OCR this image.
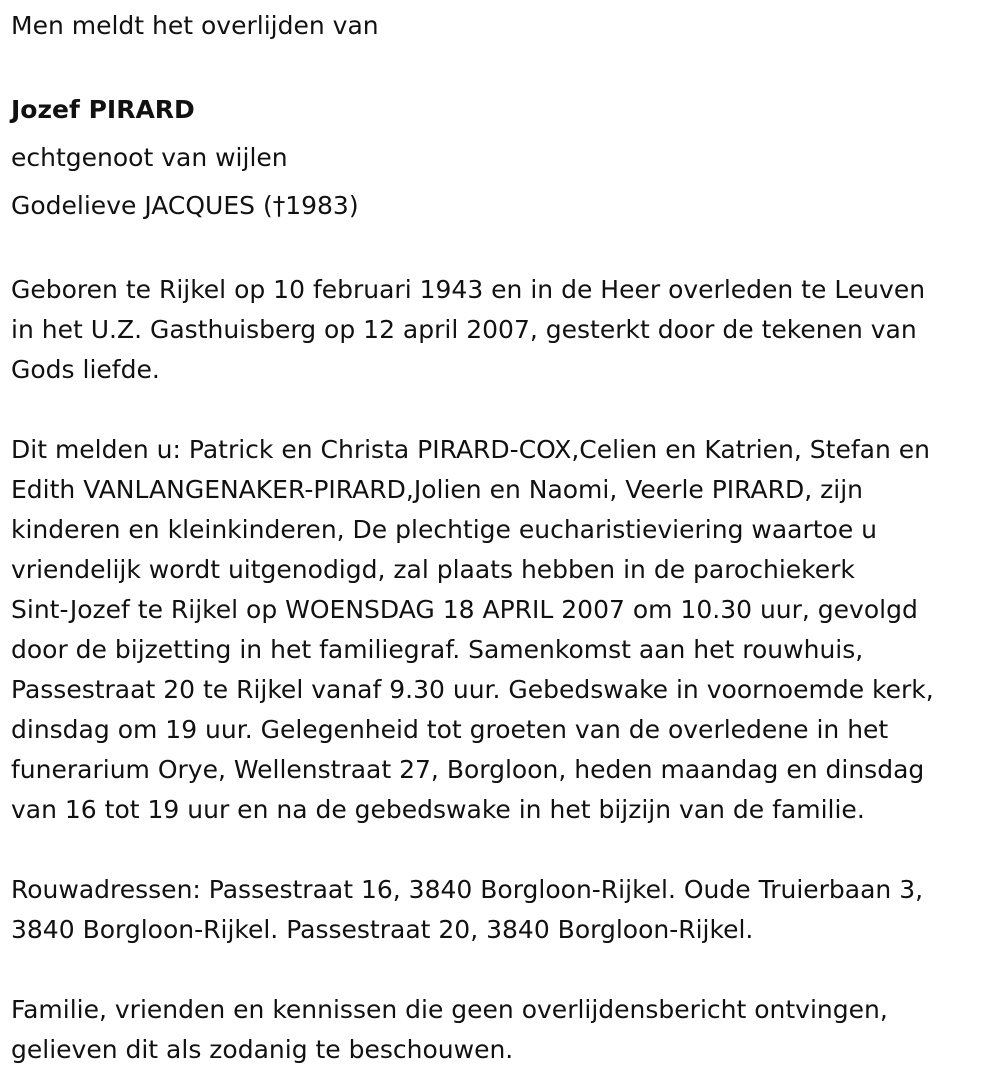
Men meldt het overlijden van

Jozef PIRARD

echtgenoot van wijlen

Godelieve JACQUES (†1983)

Geboren te Rijkel op 10 februari 1943 en in de Heer overleden te Leuven

in het U.Z. Gasthuisberg op 12 april 2007, gesterkt door de tekenen van

Gods liefde.

Dit melden u: Patrick en Christa PIRARD-COX,Celien en Katrien, Stefan en

Edith VANLANGENAKER-PIRARD,Jolien en Naomi, Veerle PIRARD, zijn

kinderen en kleinkinderen, De plechtige eucharistieviering waartoe u

vriendelijk wordt uitgenodigd, zal plaats hebben in de parochiekerk

Sint-Jozef te Rijkel op WOENSDAG 18 APRIL 2007 om 10.30 uur, gevolgd

door de bijzetting in het familiegraf. Samenkomst aan het rouwhuis,

Passestraat 20 te Rijkel vanaf 9.30 uur. Gebedswake in voornoemde kerk,

dinsdag om 19 uur. Gelegenheid tot groeten van de overledene in het

funerarium Orye, Wellenstraat 27, Borgloon, heden maandag en dinsdag

van 16 tot 19 uur en na de gebedswake in het bijzijn van de familie.

Rouwadressen: Passestraat 16, 3840 Borgloon-Rijkel. Oude Truierbaan 3,

3840 Borgloon-Rijkel. Passestraat 20, 3840 Borgloon-Rijkel.

Familie, vrienden en kennissen die geen overlijdensbericht ontvingen,

gelieven dit als zodanig te beschouwen.
